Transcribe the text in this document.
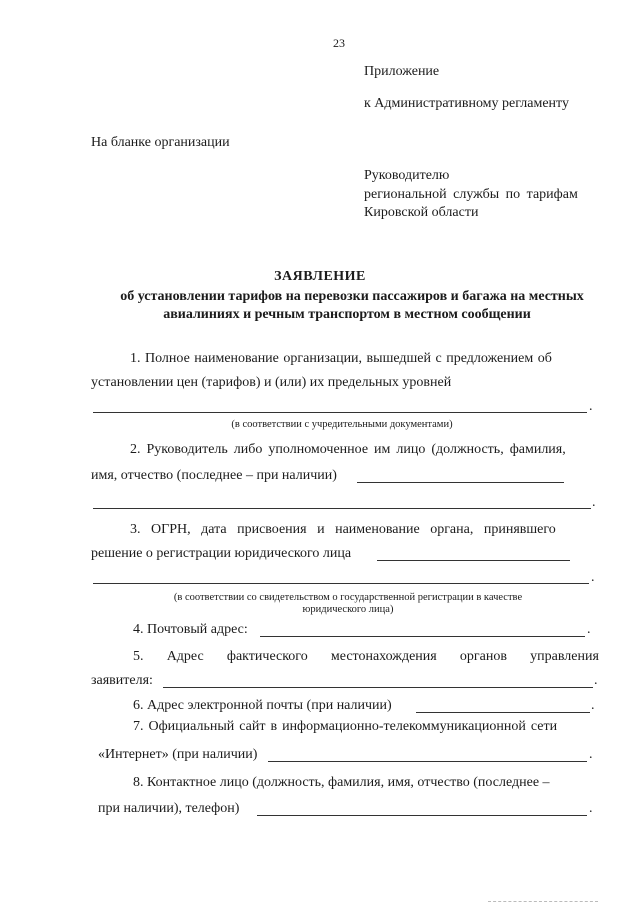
23
Приложение
к Административному регламенту
На бланке организации
Руководителю
региональной службы по тарифам
Кировской области
ЗАЯВЛЕНИЕ
об установлении тарифов на перевозки пассажиров и багажа на местных
авиалиниях и речным транспортом в местном сообщении
1. Полное наименование организации, вышедшей с предложением об
установлении цен (тарифов) и (или) их предельных уровней
.
(в соответствии с учредительными документами)
2. Руководитель либо уполномоченное им лицо (должность, фамилия,
имя, отчество (последнее – при наличии)
.
3. ОГРН, дата присвоения и наименование органа, принявшего
решение о регистрации юридического лица
.
(в соответствии со свидетельством о государственной регистрации в качестве
юридического лица)
4. Почтовый адрес:	.
5. Адрес фактического местонахождения органов управления
заявителя:	.
6. Адрес электронной почты (при наличии)	.
7. Официальный сайт в информационно-телекоммуникационной сети
«Интернет» (при наличии)	.
8. Контактное лицо (должность, фамилия, имя, отчество (последнее –
при наличии), телефон)	.
